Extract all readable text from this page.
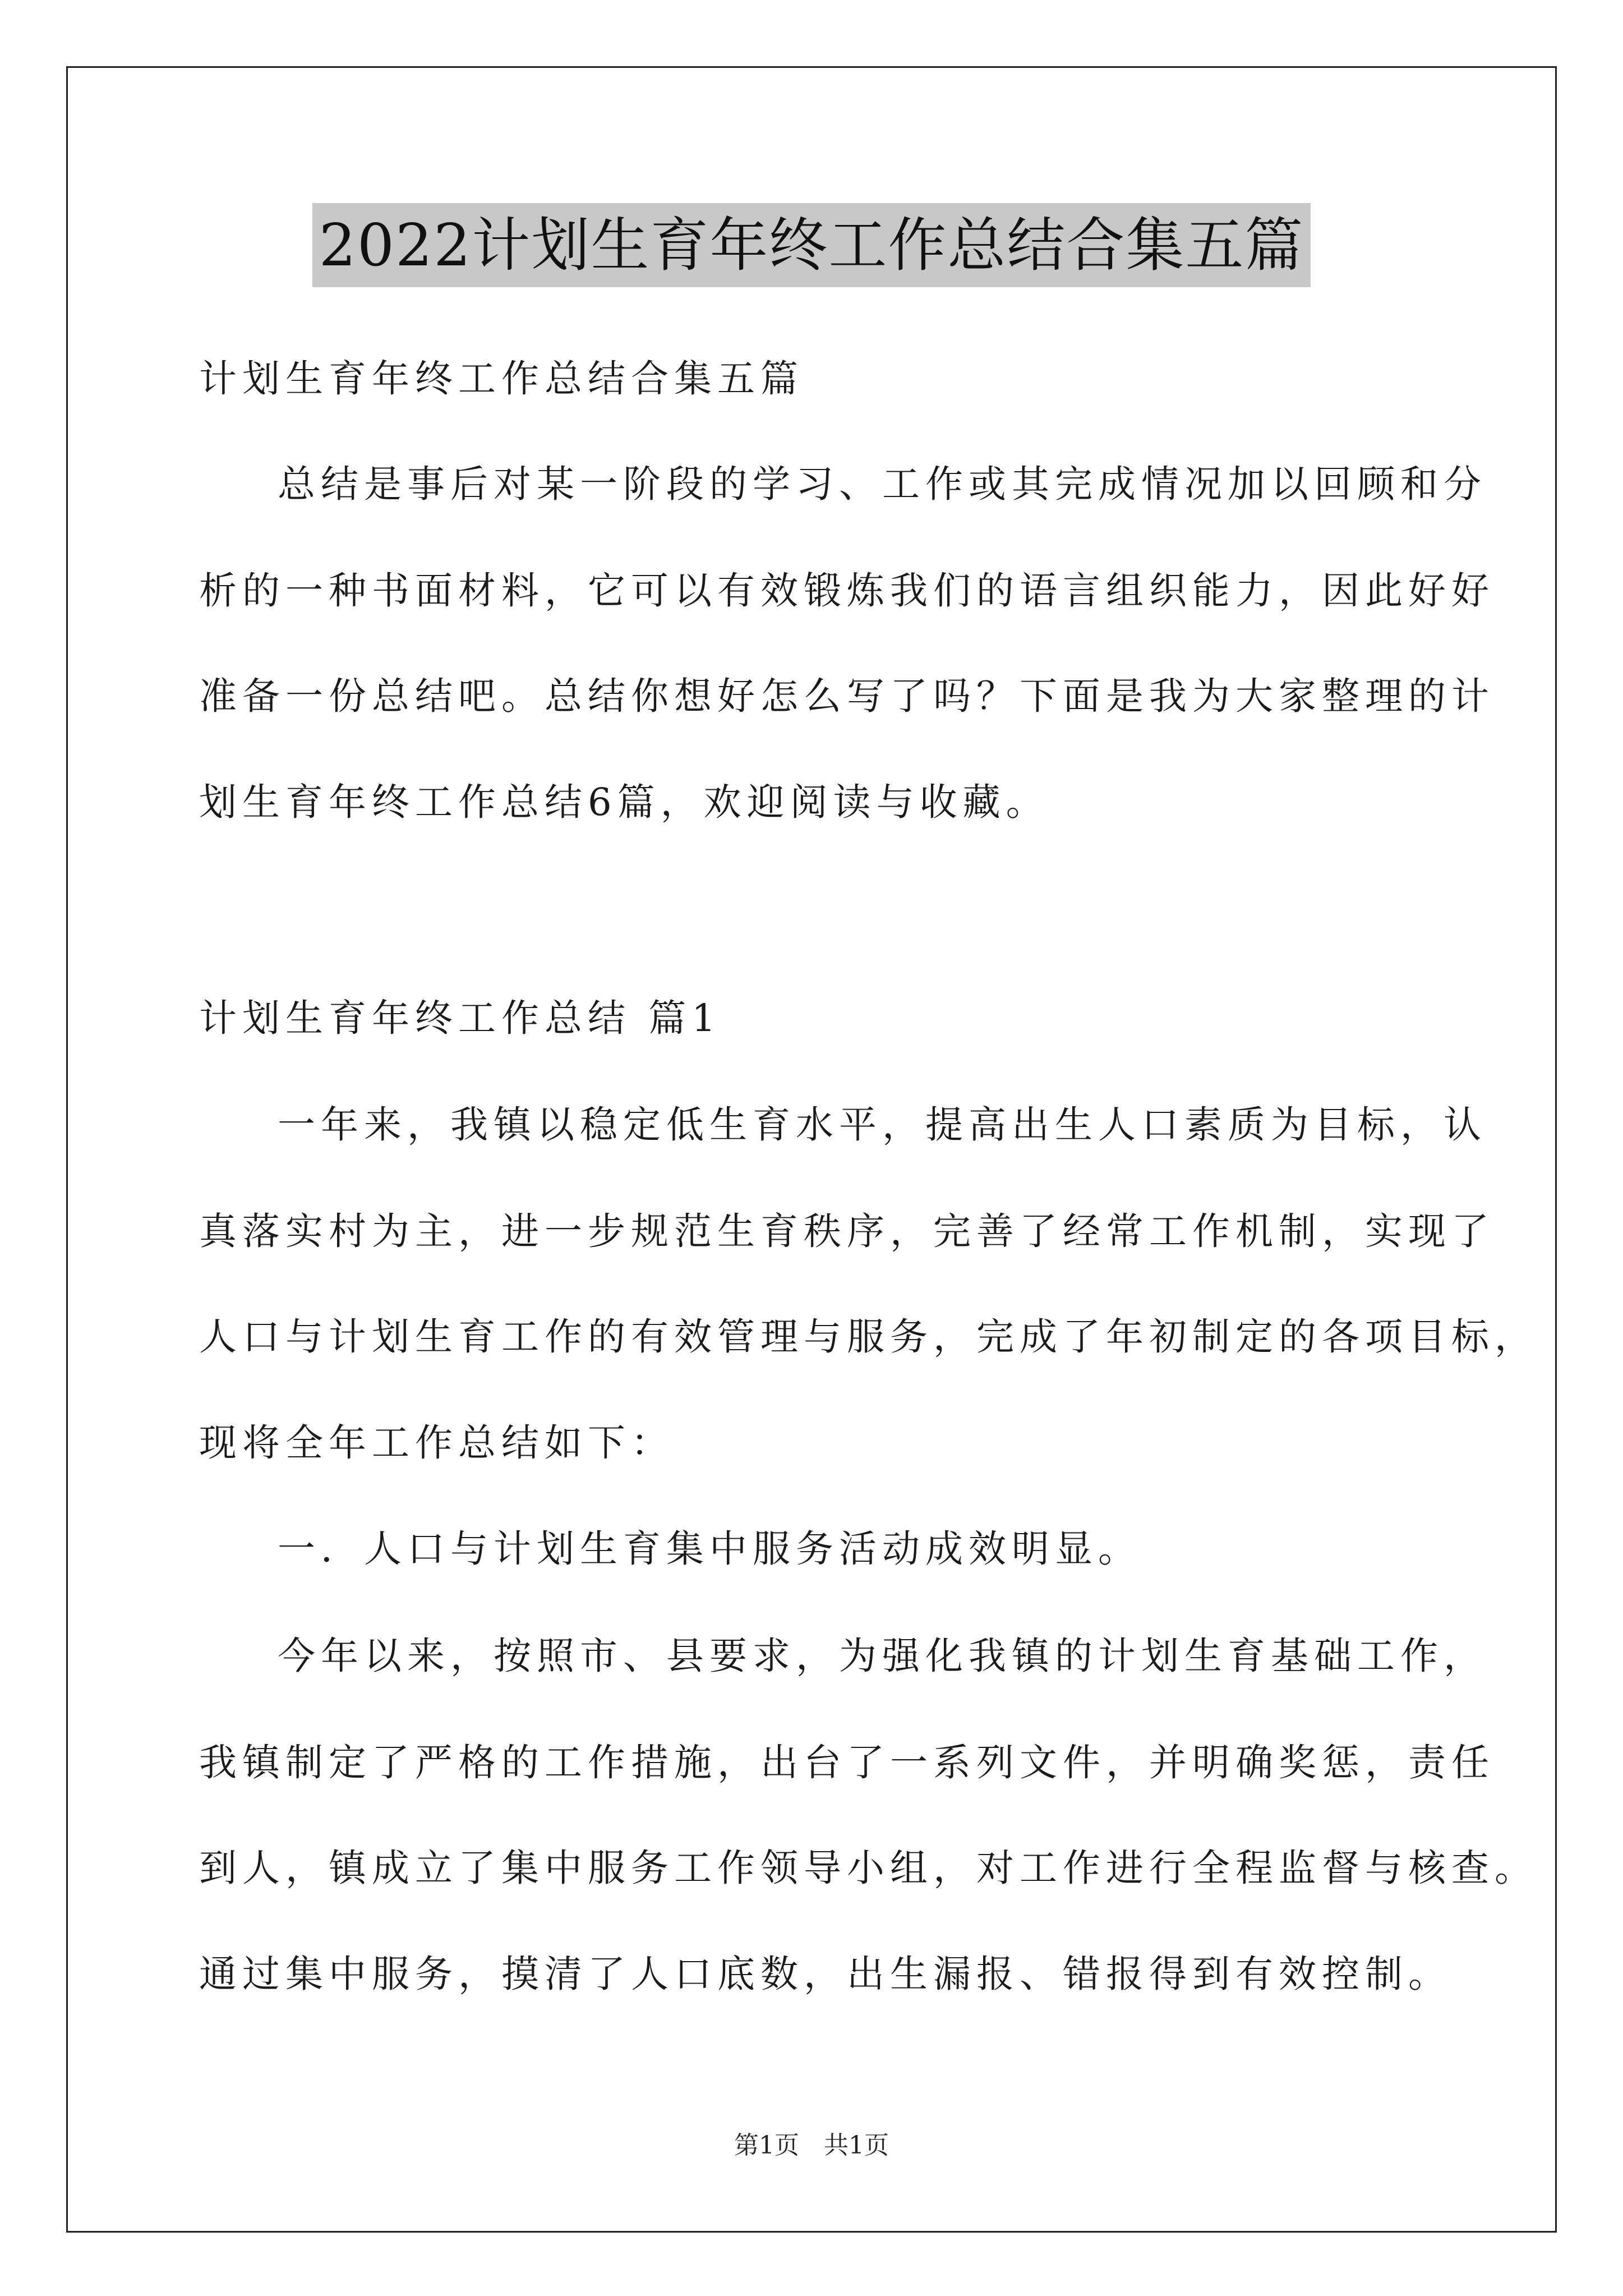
2022计划生育年终工作总结合集五篇
计划生育年终工作总结合集五篇
总结是事后对某一阶段的学习、工作或其完成情况加以回顾和分
析的一种书面材料，它可以有效锻炼我们的语言组织能力，因此好好
准备一份总结吧。总结你想好怎么写了吗？下面是我为大家整理的计
划生育年终工作总结6篇，欢迎阅读与收藏。
计划生育年终工作总结 篇1
一年来，我镇以稳定低生育水平，提高出生人口素质为目标，认
真落实村为主，进一步规范生育秩序，完善了经常工作机制，实现了
人口与计划生育工作的有效管理与服务，完成了年初制定的各项目标，
现将全年工作总结如下：
一．人口与计划生育集中服务活动成效明显。
今年以来，按照市、县要求，为强化我镇的计划生育基础工作，
我镇制定了严格的工作措施，出台了一系列文件，并明确奖惩，责任
到人，镇成立了集中服务工作领导小组，对工作进行全程监督与核查。
通过集中服务，摸清了人口底数，出生漏报、错报得到有效控制。
第1页　共1页
